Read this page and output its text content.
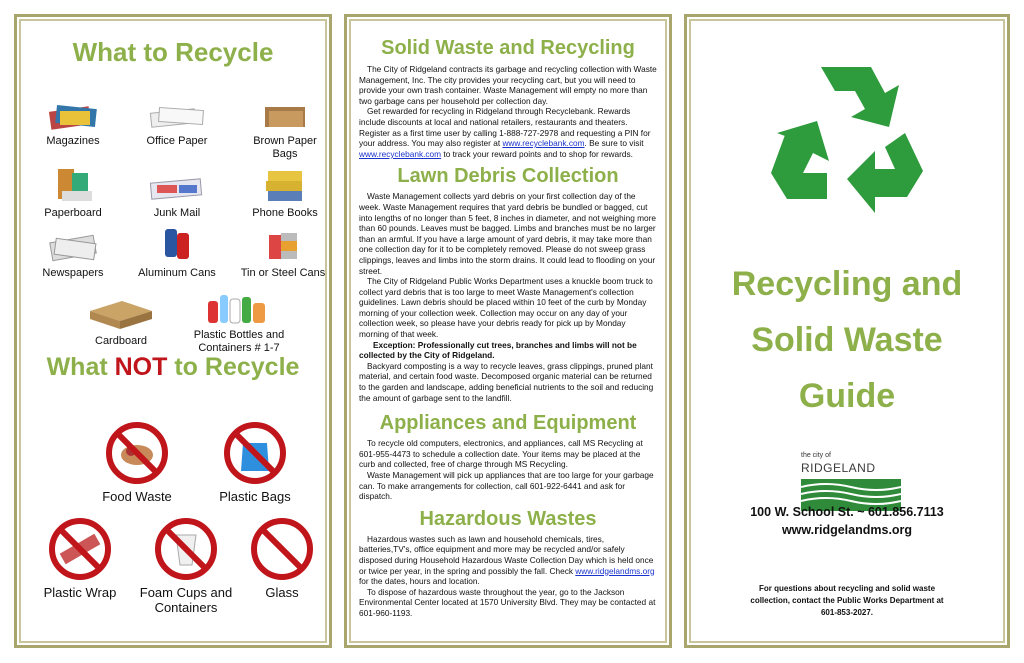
What to Recycle
Magazines	Office Paper	Brown Paper Bags
Paperboard	Junk Mail	Phone Books
Newspapers	Aluminum Cans	Tin or Steel Cans
Cardboard	Plastic Bottles and Containers # 1-7
What NOT to Recycle
Food Waste	Plastic Bags
Plastic Wrap	Foam Cups and Containers
Glass
Solid Waste and Recycling

The City of Ridgeland contracts its garbage and recycling collection with Waste Management, Inc. The city provides your recycling cart, but you will need to provide your own trash container. Waste Management will empty no more than two garbage cans per household per collection day.

Get rewarded for recycling in Ridgeland through Recyclebank. Rewards include discounts at local and national retailers, restaurants and theaters. Register as a first time user by calling 1-888-727-2978 and requesting a PIN for your address. You may also register at www.recyclebank.com. Be sure to visit www.recyclebank.com to track your reward points and to shop for rewards.

Lawn Debris Collection

Waste Management collects yard debris on your first collection day of the week. Waste Management requires that yard debris be bundled or bagged, cut into lengths of no longer than 5 feet, 8 inches in diameter, and not weighing more than 60 pounds. Leaves must be bagged. Limbs and branches must be no larger than an armful. If you have a large amount of yard debris, it may take more than one collection day for it to be completely removed. Please do not sweep grass clippings, leaves and limbs into the storm drains. It could lead to flooding on your street.

The City of Ridgeland Public Works Department uses a knuckle boom truck to collect yard debris that is too large to meet Waste Management's collection guidelines. Lawn debris should be placed within 10 feet of the curb by Monday morning of your collection week. Collection may occur on any day of your collection week, so please have your debris ready for pick up by Monday morning of that week.

Exception: Professionally cut trees, branches and limbs will not be collected by the City of Ridgeland.

Backyard composting is a way to recycle leaves, grass clippings, pruned plant material, and certain food waste. Decomposed organic material can be returned to the garden and landscape, adding beneficial nutrients to the soil and reducing the amount of garbage sent to the landfill.

Appliances and Equipment

To recycle old computers, electronics, and appliances, call MS Recycling at 601-955-4473 to schedule a collection date. Your items may be placed at the curb and collected, free of charge through MS Recycling.

Waste Management will pick up appliances that are too large for your garbage can. To make arrangements for collection, call 601-922-6441 and ask for dispatch.

Hazardous Wastes

Hazardous wastes such as lawn and household chemicals, tires, batteries,TV's, office equipment and more may be recycled and/or safely disposed during Household Hazardous Waste Collection Day which is held once or twice per year, in the spring and possibly the fall. Check www.ridgelandms.org for the dates, hours and location.

To dispose of hazardous waste throughout the year, go to the Jackson Environmental Center located at 1570 University Blvd. They may be contacted at 601-960-1193.

Recycling and
Solid Waste
Guide
the city of RIDGELAND
100 W. School St. ~ 601.856.7113
www.ridgelandms.org
For questions about recycling and solid waste collection, contact the Public Works Department at 601-853-2027.
